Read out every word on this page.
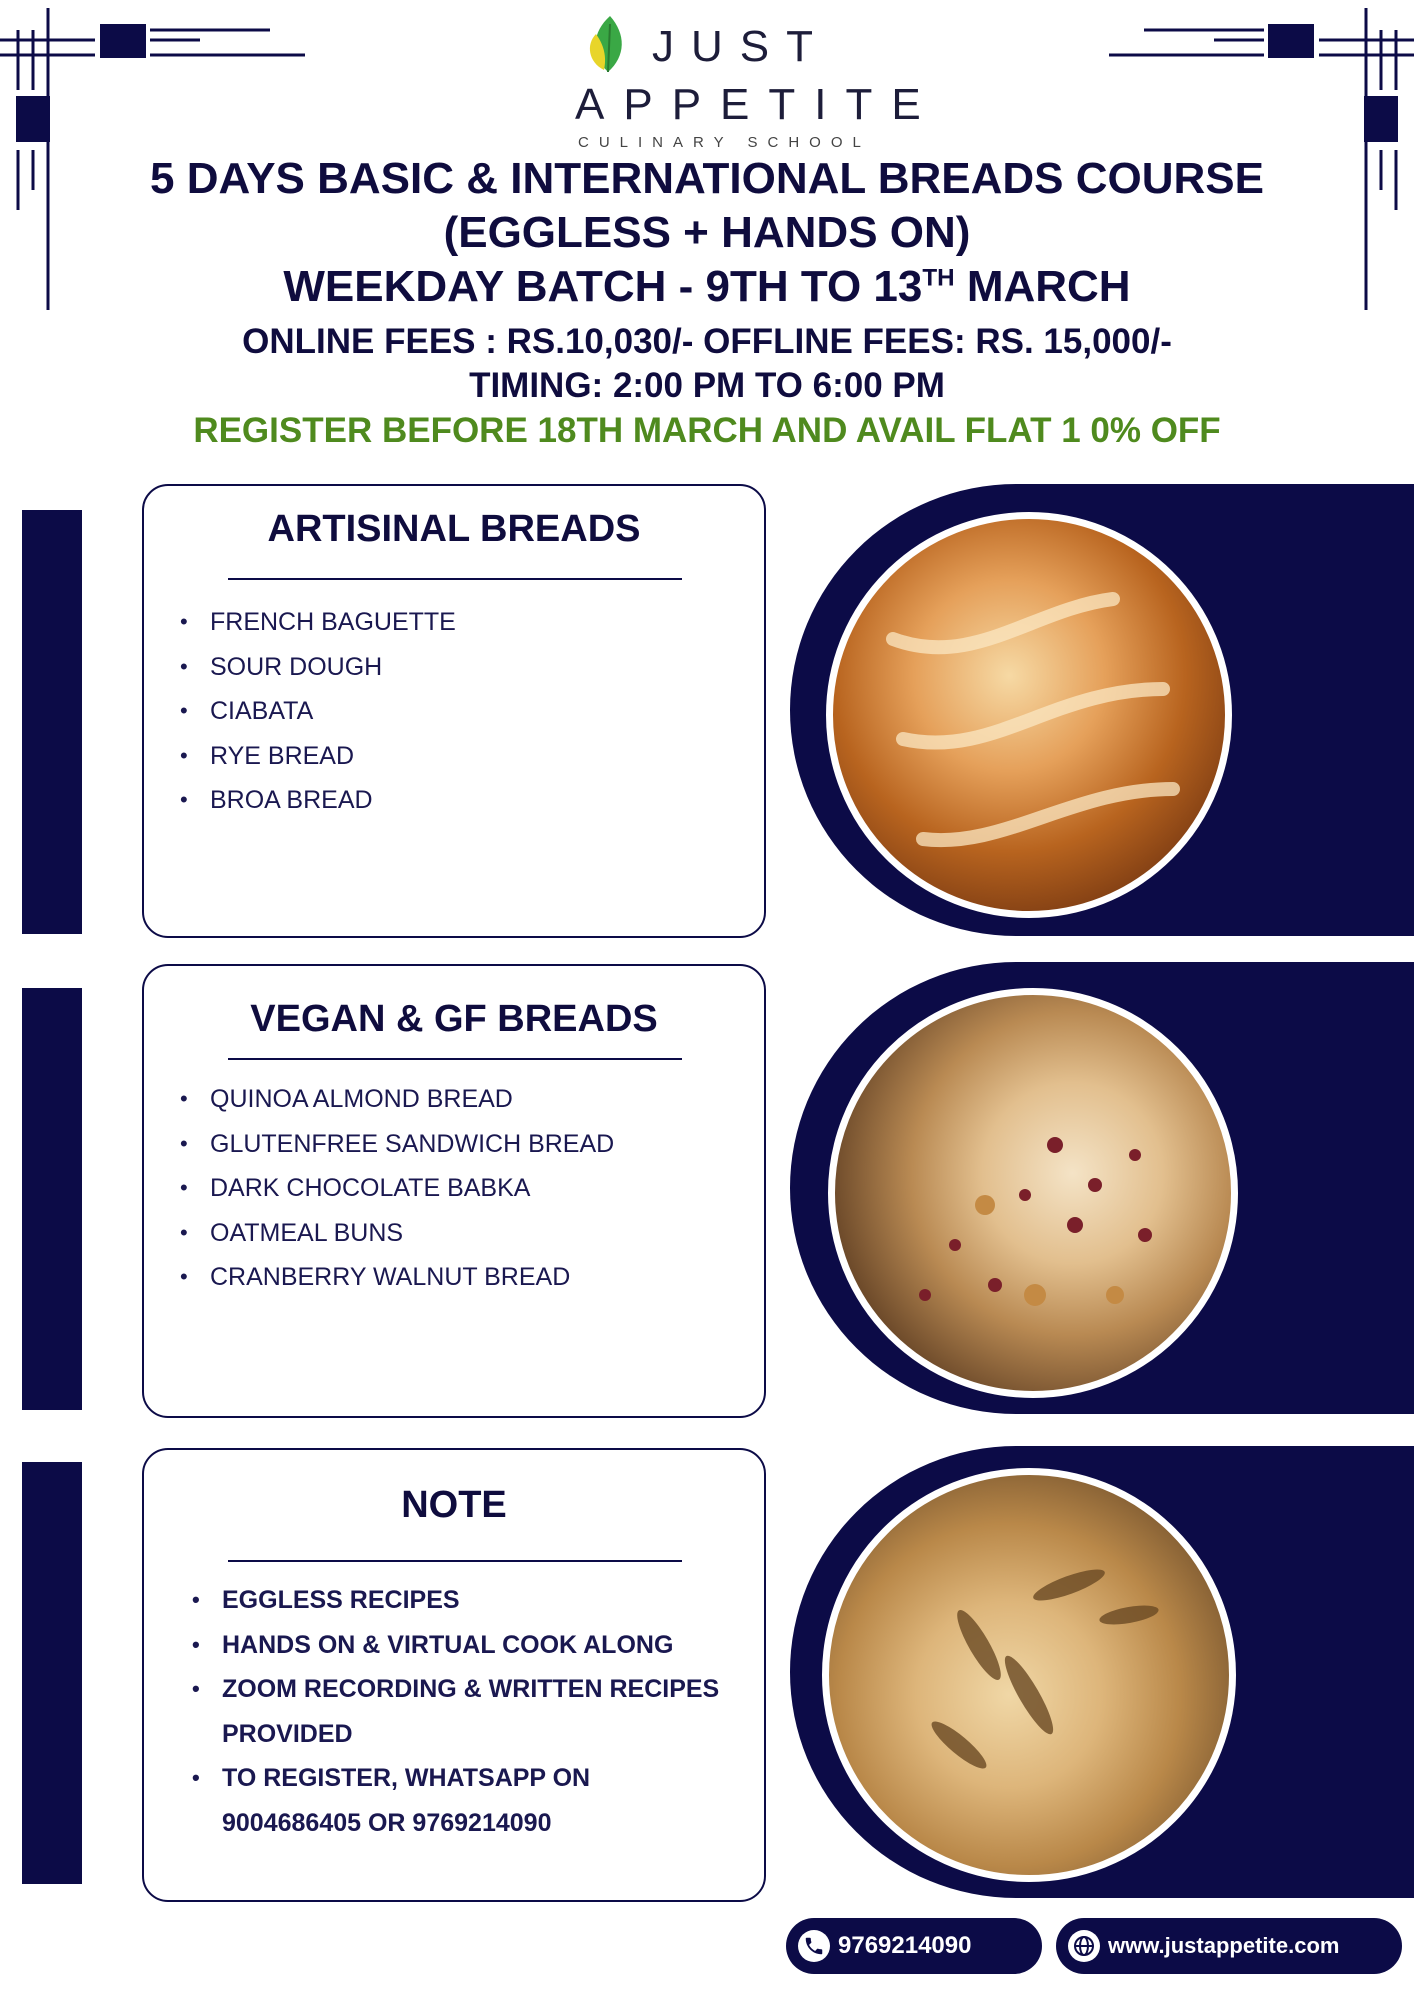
JUST
APPETITE
CULINARY SCHOOL
5 DAYS BASIC & INTERNATIONAL BREADS COURSE
(EGGLESS + HANDS ON)
WEEKDAY BATCH - 9TH TO 13TH MARCH
ONLINE FEES : RS.10,030/- OFFLINE FEES: RS. 15,000/-
TIMING: 2:00 PM TO 6:00 PM
REGISTER BEFORE 18TH MARCH AND AVAIL FLAT 1 0% OFF
ARTISINAL BREADS
• FRENCH BAGUETTE
• SOUR DOUGH
• CIABATA
• RYE BREAD
• BROA BREAD
VEGAN & GF BREADS
• QUINOA ALMOND BREAD
• GLUTENFREE SANDWICH BREAD
• DARK CHOCOLATE BABKA
• OATMEAL BUNS
• CRANBERRY WALNUT BREAD
NOTE
• EGGLESS RECIPES
• HANDS ON & VIRTUAL COOK ALONG
• ZOOM RECORDING & WRITTEN RECIPES
PROVIDED
• TO REGISTER, WHATSAPP ON
9004686405 OR 9769214090
9769214090	www.justappetite.com
